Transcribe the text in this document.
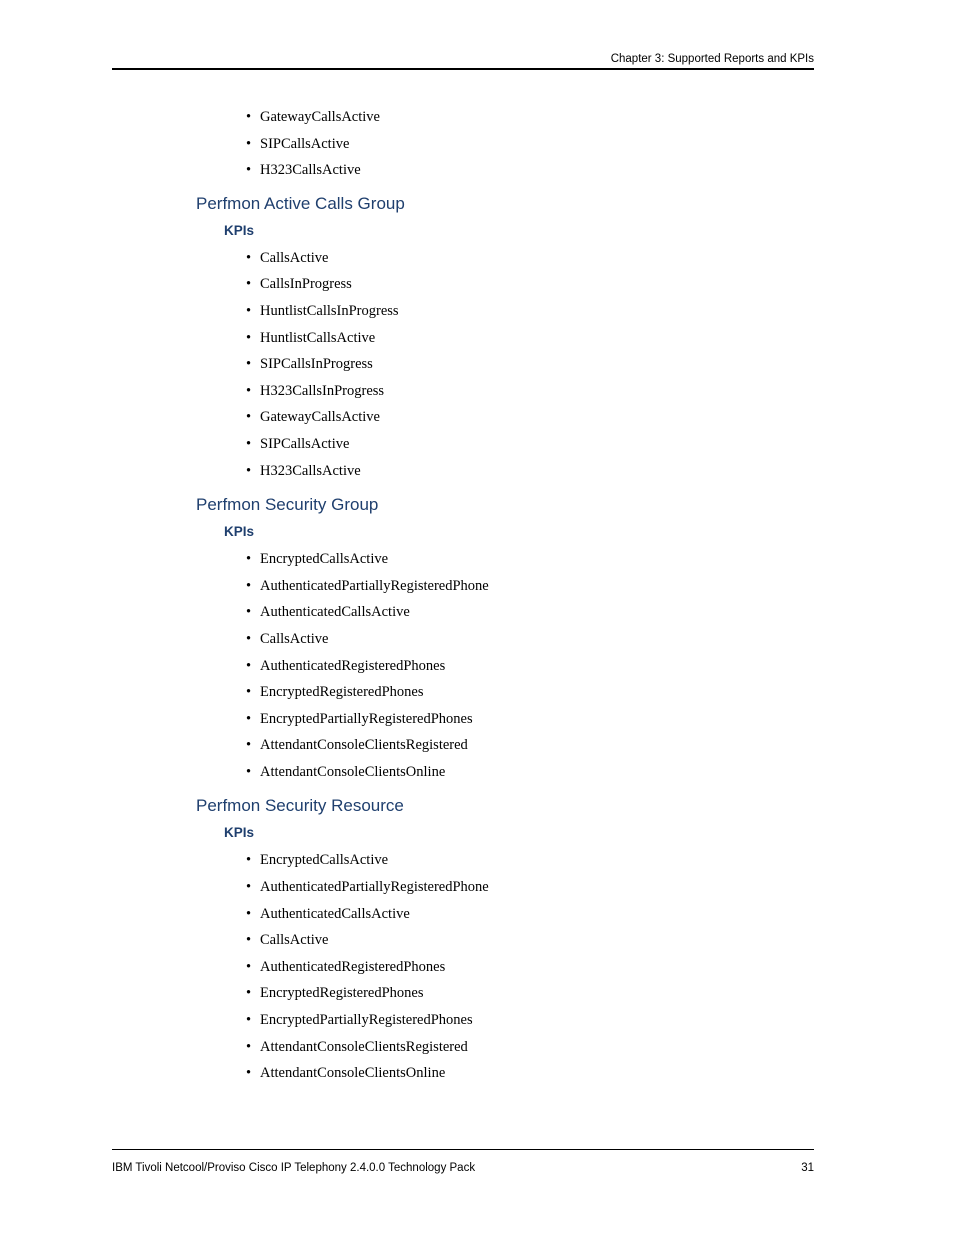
Chapter 3: Supported Reports and KPIs
• GatewayCallsActive
• SIPCallsActive
• H323CallsActive
Perfmon Active Calls Group
KPIs
• CallsActive
• CallsInProgress
• HuntlistCallsInProgress
• HuntlistCallsActive
• SIPCallsInProgress
• H323CallsInProgress
• GatewayCallsActive
• SIPCallsActive
• H323CallsActive
Perfmon Security Group
KPIs
• EncryptedCallsActive
• AuthenticatedPartiallyRegisteredPhone
• AuthenticatedCallsActive
• CallsActive
• AuthenticatedRegisteredPhones
• EncryptedRegisteredPhones
• EncryptedPartiallyRegisteredPhones
• AttendantConsoleClientsRegistered
• AttendantConsoleClientsOnline
Perfmon Security Resource
KPIs
• EncryptedCallsActive
• AuthenticatedPartiallyRegisteredPhone
• AuthenticatedCallsActive
• CallsActive
• AuthenticatedRegisteredPhones
• EncryptedRegisteredPhones
• EncryptedPartiallyRegisteredPhones
• AttendantConsoleClientsRegistered
• AttendantConsoleClientsOnline
IBM Tivoli Netcool/Proviso Cisco IP Telephony 2.4.0.0 Technology Pack	31
